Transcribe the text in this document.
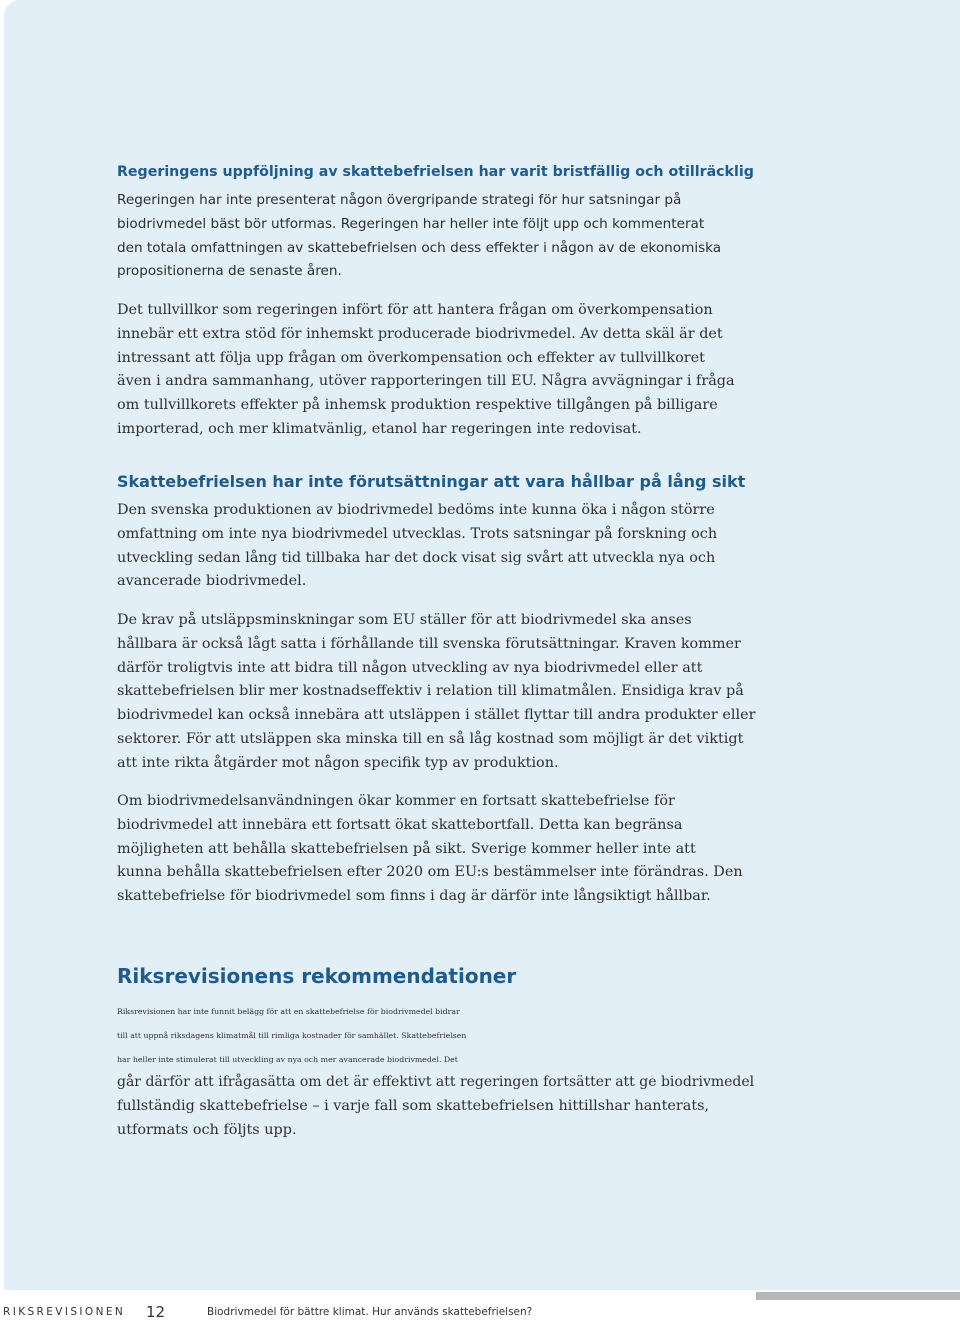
Regeringens uppföljning av skattebefrielsen har varit bristfällig och otillräcklig
Regeringen har inte presenterat någon övergripande strategi för hur satsningar på
biodrivmedel bäst bör utformas. Regeringen har heller inte följt upp och kommenterat
den totala omfattningen av skattebefrielsen och dess effekter i någon av de ekonomiska
propositionerna de senaste åren.
Det tullvillkor som regeringen infört för att hantera frågan om överkompensation
innebär ett extra stöd för inhemskt producerade biodrivmedel. Av detta skäl är det
intressant att följa upp frågan om överkompensation och effekter av tullvillkoret
även i andra sammanhang, utöver rapporteringen till EU. Några avvägningar i fråga
om tullvillkorets effekter på inhemsk produktion respektive tillgången på billigare
importerad, och mer klimatvänlig, etanol har regeringen inte redovisat.
Skattebefrielsen har inte förutsättningar att vara hållbar på lång sikt
Den svenska produktionen av biodrivmedel bedöms inte kunna öka i någon större
omfattning om inte nya biodrivmedel utvecklas. Trots satsningar på forskning och
utveckling sedan lång tid tillbaka har det dock visat sig svårt att utveckla nya och
avancerade biodrivmedel.
De krav på utsläppsminskningar som EU ställer för att biodrivmedel ska anses
hållbara är också lågt satta i förhållande till svenska förutsättningar. Kraven kommer
därför troligtvis inte att bidra till någon utveckling av nya biodrivmedel eller att
skattebefrielsen blir mer kostnadseffektiv i relation till klimatmålen. Ensidiga krav på
biodrivmedel kan också innebära att utsläppen i stället flyttar till andra produkter eller
sektorer. För att utsläppen ska minska till en så låg kostnad som möjligt är det viktigt
att inte rikta åtgärder mot någon specifik typ av produktion.
Om biodrivmedelsanvändningen ökar kommer en fortsatt skattebefrielse för
biodrivmedel att innebära ett fortsatt ökat skattebortfall. Detta kan begränsa
möjligheten att behålla skattebefrielsen på sikt. Sverige kommer heller inte att
kunna behålla skattebefrielsen efter 2020 om EU:s bestämmelser inte förändras. Den
skattebefrielse för biodrivmedel som finns i dag är därför inte långsiktigt hållbar.
Riksrevisionens rekommendationer
Riksrevisionen har inte funnit belägg för att en skattebefrielse för biodrivmedel bidrar
till att uppnå riksdagens klimatmål till rimliga kostnader för samhället. Skattebefrielsen
har heller inte stimulerat till utveckling av nya och mer avancerade biodrivmedel. Det
går därför att ifrågasätta om det är effektivt att regeringen fortsätter att ge biodrivmedel
fullständig skattebefrielse – i varje fall som skattebefrielsen hittillshar hanterats,
utformats och följts upp.
RIKSREVISIONEN 12	Biodrivmedel för bättre klimat. Hur används skattebefrielsen?
